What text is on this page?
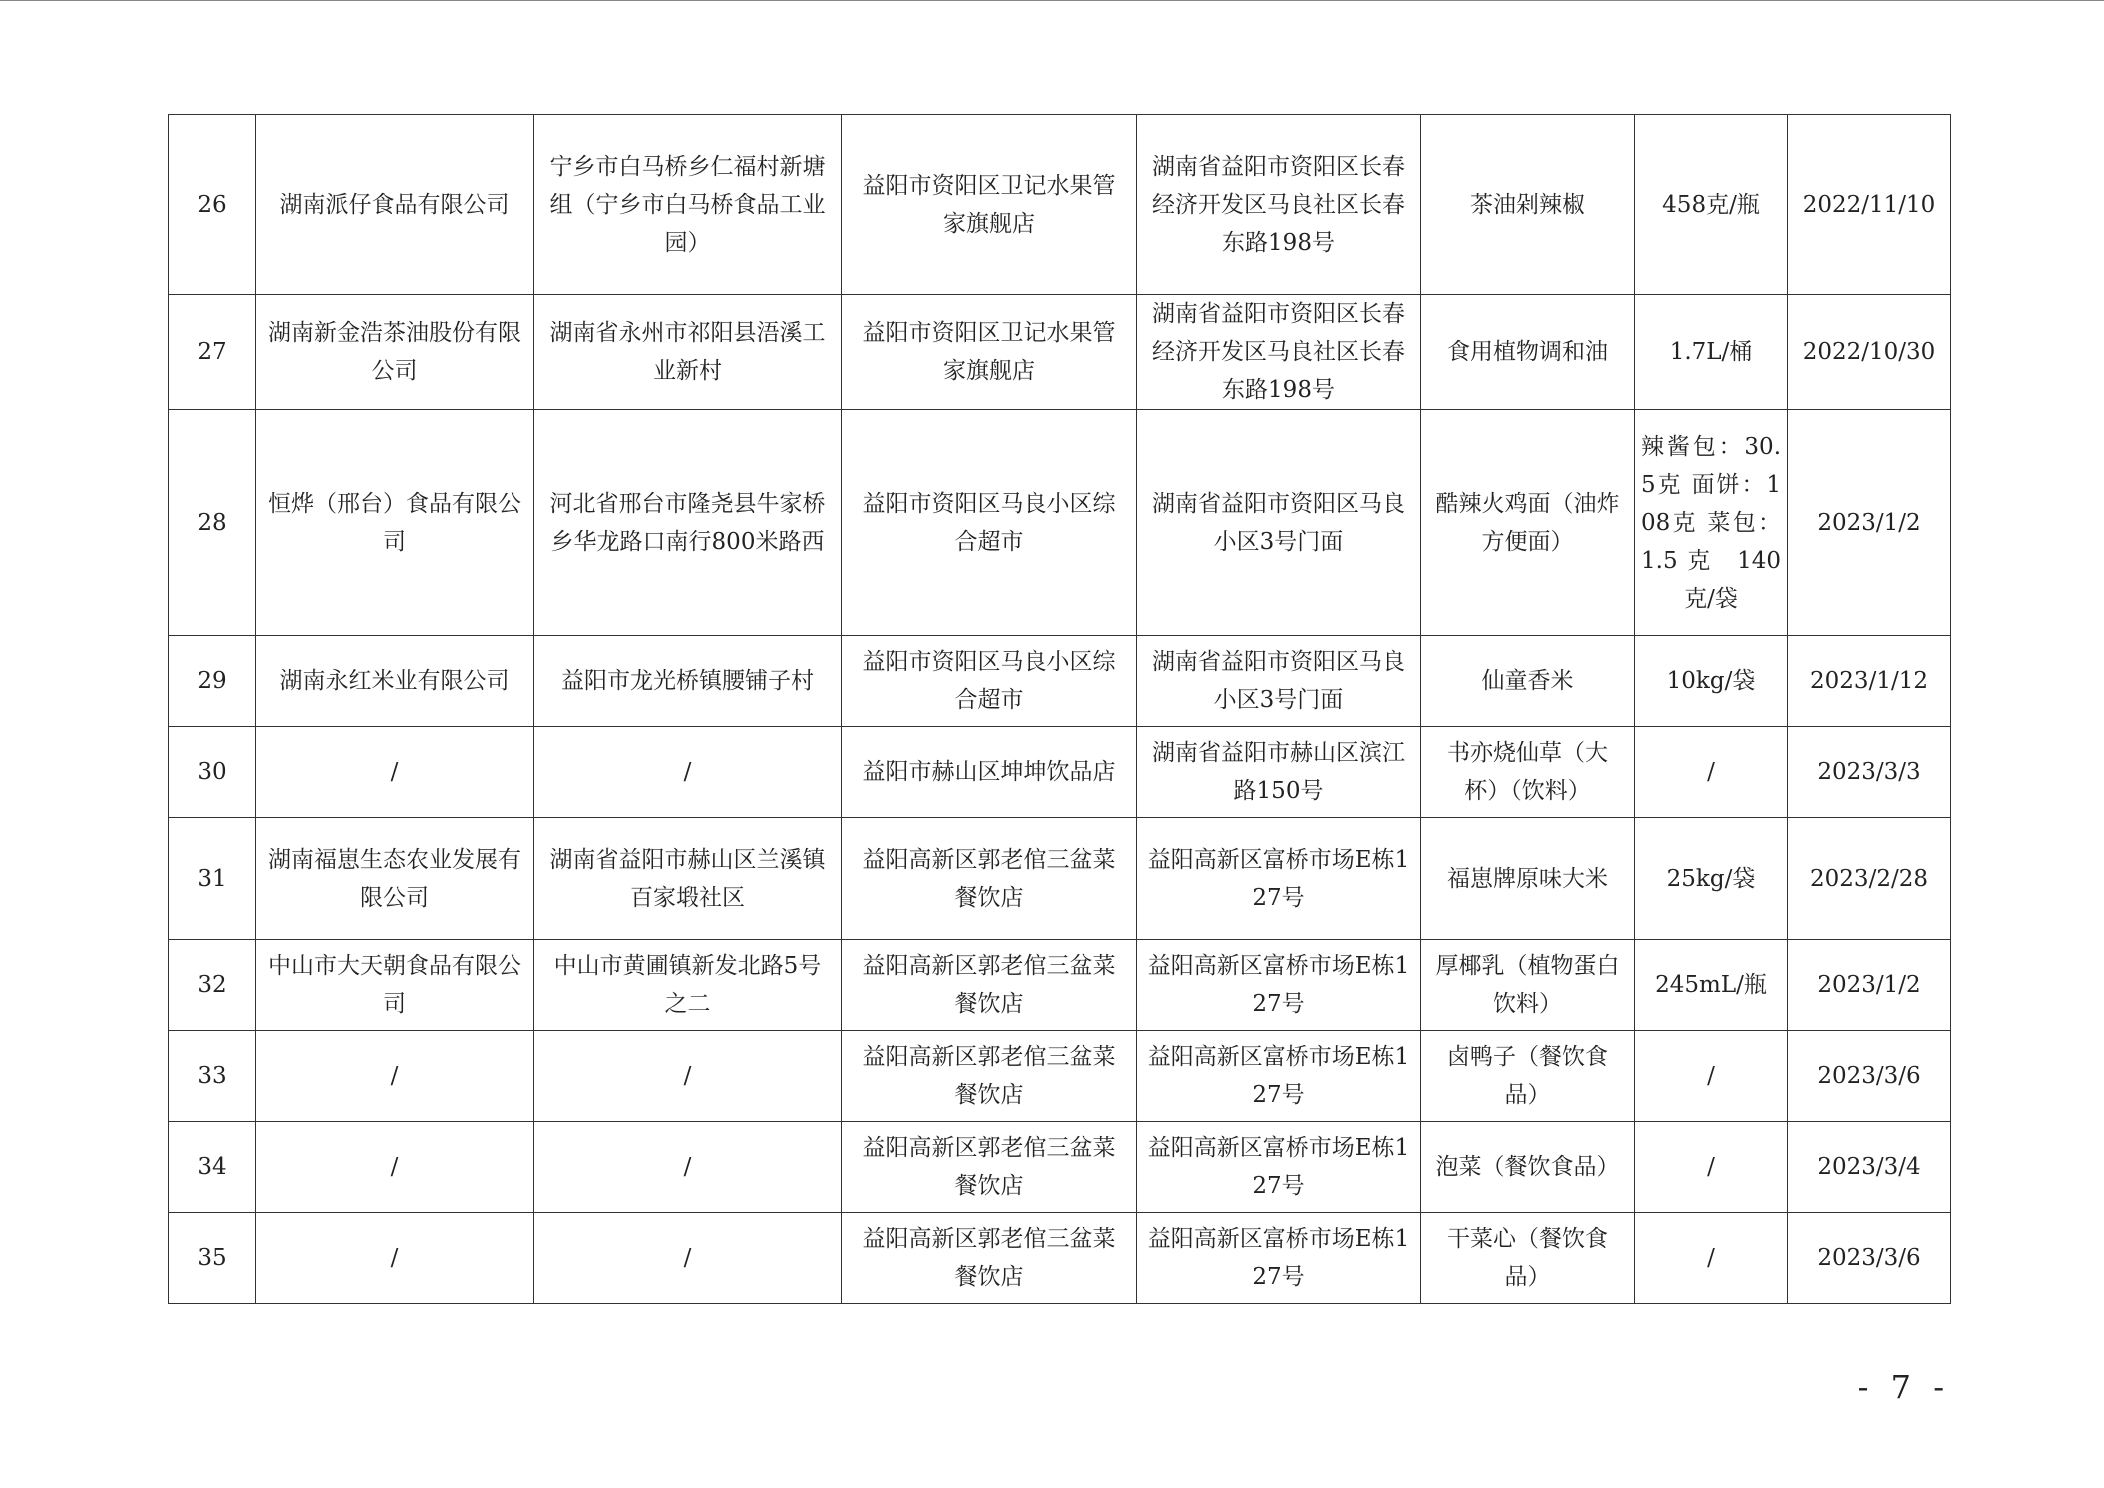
26	湖南派仔食品有限公司	宁乡市白马桥乡仁福村新塘组（宁乡市白马桥食品工业园）	益阳市资阳区卫记水果管家旗舰店	湖南省益阳市资阳区长春经济开发区马良社区长春东路198号	茶油剁辣椒	458克/瓶	2022/11/10
27	湖南新金浩茶油股份有限公司	湖南省永州市祁阳县浯溪工业新村	益阳市资阳区卫记水果管家旗舰店	湖南省益阳市资阳区长春经济开发区马良社区长春东路198号	食用植物调和油	1.7L/桶	2022/10/30
28	恒烨（邢台）食品有限公司	河北省邢台市隆尧县牛家桥乡华龙路口南行800米路西	益阳市资阳区马良小区综合超市	湖南省益阳市资阳区马良小区3号门面	酷辣火鸡面（油炸方便面）	辣酱包：30.5克 面饼：108克 菜包：1.5克 140克/袋	2023/1/2
29	湖南永红米业有限公司	益阳市龙光桥镇腰铺子村	益阳市资阳区马良小区综合超市	湖南省益阳市资阳区马良小区3号门面	仙童香米	10kg/袋	2023/1/12
30	/	/	益阳市赫山区坤坤饮品店	湖南省益阳市赫山区滨江路150号	书亦烧仙草（大杯）（饮料）	/	2023/3/3
31	湖南福崽生态农业发展有限公司	湖南省益阳市赫山区兰溪镇百家塅社区	益阳高新区郭老倌三盆菜餐饮店	益阳高新区富桥市场E栋127号	福崽牌原味大米	25kg/袋	2023/2/28
32	中山市大天朝食品有限公司	中山市黄圃镇新发北路5号之二	益阳高新区郭老倌三盆菜餐饮店	益阳高新区富桥市场E栋127号	厚椰乳（植物蛋白饮料）	245mL/瓶	2023/1/2
33	/	/	益阳高新区郭老倌三盆菜餐饮店	益阳高新区富桥市场E栋127号	卤鸭子（餐饮食品）	/	2023/3/6
34	/	/	益阳高新区郭老倌三盆菜餐饮店	益阳高新区富桥市场E栋127号	泡菜（餐饮食品）	/	2023/3/4
35	/	/	益阳高新区郭老倌三盆菜餐饮店	益阳高新区富桥市场E栋127号	干菜心（餐饮食品）	/	2023/3/6
- 7 -
